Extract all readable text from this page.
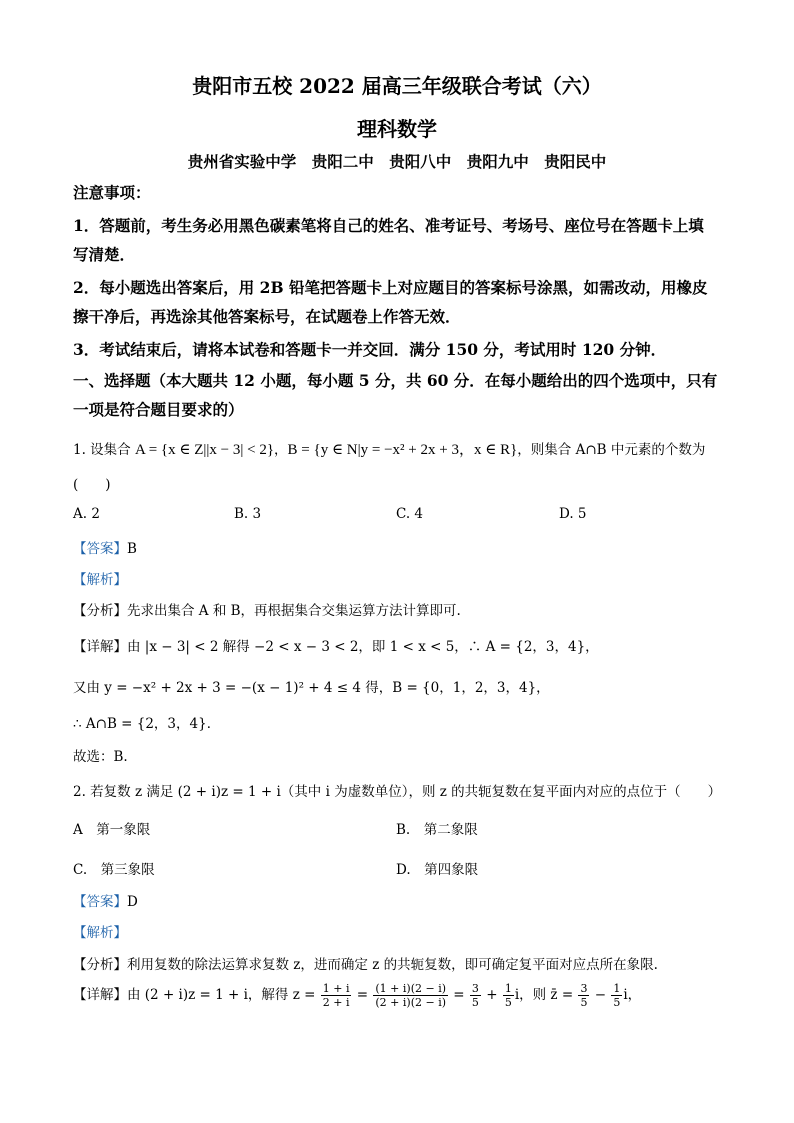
贵阳市五校 2022 届高三年级联合考试（六）
理科数学
贵州省实验中学　贵阳二中　贵阳八中　贵阳九中　贵阳民中
注意事项：
1．答题前，考生务必用黑色碳素笔将自己的姓名、准考证号、考场号、座位号在答题卡上填
写清楚．
2．每小题选出答案后，用 2B 铅笔把答题卡上对应题目的答案标号涂黑，如需改动，用橡皮
擦干净后，再选涂其他答案标号，在试题卷上作答无效．
3．考试结束后，请将本试卷和答题卡一并交回．满分 150 分，考试用时 120 分钟．
一、选择题（本大题共 12 小题，每小题 5 分，共 60 分．在每小题给出的四个选项中，只有
一项是符合题目要求的）
1. 设集合 A = {x ∈ Z||x − 3| < 2}，B = {y ∈ N|y = −x² + 2x + 3，x ∈ R}，则集合 A∩B 中元素的个数为
(　　)
A. 2	B. 3	C. 4	D. 5
【答案】B
【解析】
【分析】先求出集合 A 和 B，再根据集合交集运算方法计算即可.
【详解】由 |x − 3| < 2 解得 −2 < x − 3 < 2，即 1 < x < 5，∴ A = {2，3，4}，
又由 y = −x² + 2x + 3 = −(x − 1)² + 4 ≤ 4 得，B = {0，1，2，3，4}，
∴ A∩B = {2，3，4}．
故选：B.
2. 若复数 z 满足 (2 + i)z = 1 + i（其中 i 为虚数单位），则 z 的共轭复数在复平面内对应的点位于（　　）
A　第一象限	B.　第二象限
C.　第三象限	D.　第四象限
【答案】D
【解析】
【分析】利用复数的除法运算求复数 z，进而确定 z 的共轭复数，即可确定复平面对应点所在象限.
【详解】由 (2 + i)z = 1 + i，解得 $z = \frac{1 + i}{2 + i} = \frac{(1 + i)(2 - i)}{(2 + i)(2 - i)} = \frac{3}{5} + \frac{1}{5}$ i，则 z̄ = $\frac{3}{5} - \frac{1}{5}$ i，
